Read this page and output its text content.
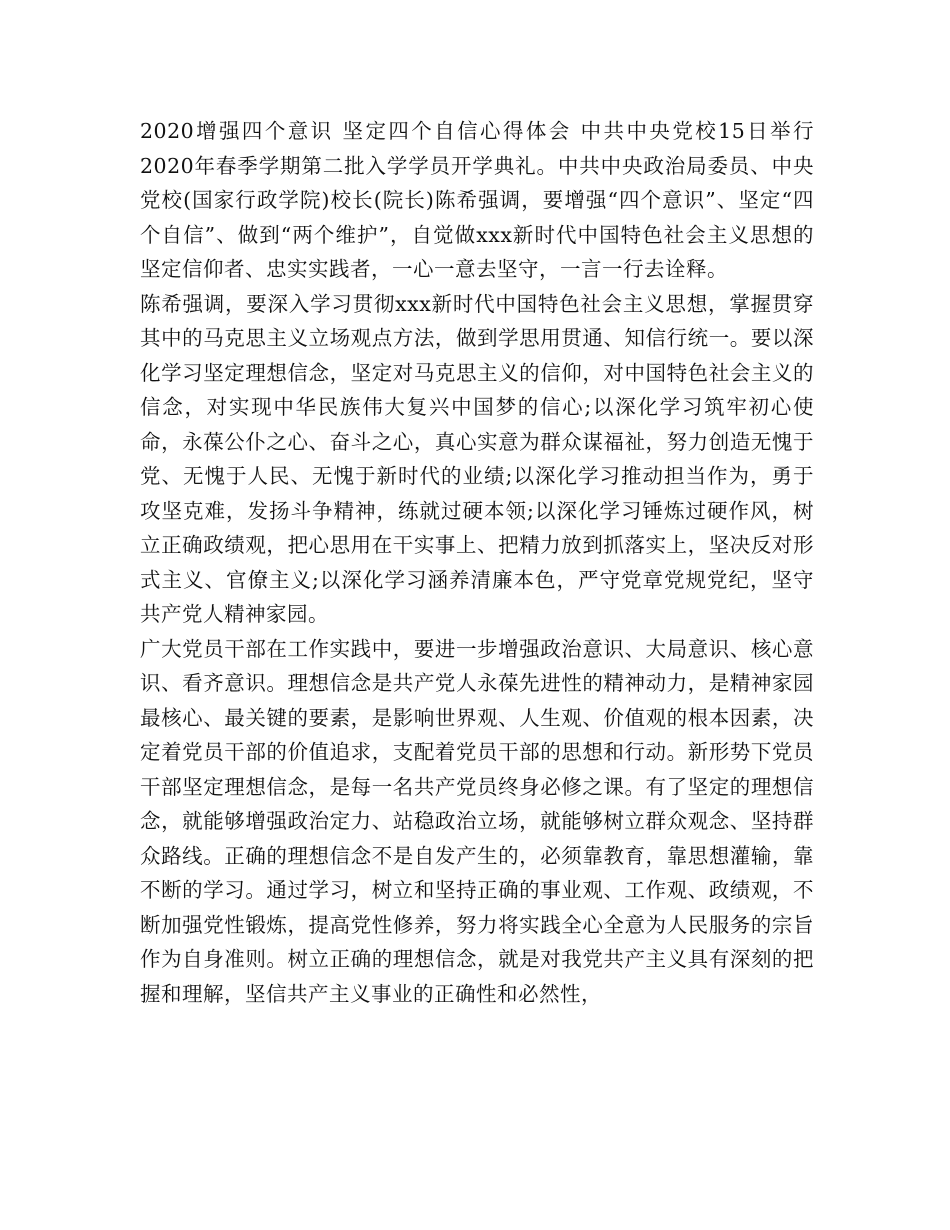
2020增强四个意识 坚定四个自信心得体会 中共中央党校15日举行2020年春季学期第二批入学学员开学典礼。中共中央政治局委员、中央党校(国家行政学院)校长(院长)陈希强调，要增强“四个意识”、坚定“四个自信”、做到“两个维护”，自觉做xxx新时代中国特色社会主义思想的坚定信仰者、忠实实践者，一心一意去坚守，一言一行去诠释。

陈希强调，要深入学习贯彻xxx新时代中国特色社会主义思想，掌握贯穿其中的马克思主义立场观点方法，做到学思用贯通、知信行统一。要以深化学习坚定理想信念，坚定对马克思主义的信仰，对中国特色社会主义的信念，对实现中华民族伟大复兴中国梦的信心;以深化学习筑牢初心使命，永葆公仆之心、奋斗之心，真心实意为群众谋福祉，努力创造无愧于党、无愧于人民、无愧于新时代的业绩;以深化学习推动担当作为，勇于攻坚克难，发扬斗争精神，练就过硬本领;以深化学习锤炼过硬作风，树立正确政绩观，把心思用在干实事上、把精力放到抓落实上，坚决反对形式主义、官僚主义;以深化学习涵养清廉本色，严守党章党规党纪，坚守共产党人精神家园。

广大党员干部在工作实践中，要进一步增强政治意识、大局意识、核心意识、看齐意识。理想信念是共产党人永葆先进性的精神动力，是精神家园最核心、最关键的要素，是影响世界观、人生观、价值观的根本因素，决定着党员干部的价值追求，支配着党员干部的思想和行动。新形势下党员干部坚定理想信念，是每一名共产党员终身必修之课。有了坚定的理想信念，就能够增强政治定力、站稳政治立场，就能够树立群众观念、坚持群众路线。正确的理想信念不是自发产生的，必须靠教育，靠思想灌输，靠不断的学习。通过学习，树立和坚持正确的事业观、工作观、政绩观，不断加强党性锻炼，提高党性修养，努力将实践全心全意为人民服务的宗旨作为自身准则。树立正确的理想信念，就是对我党共产主义具有深刻的把握和理解，坚信共产主义事业的正确性和必然性，
